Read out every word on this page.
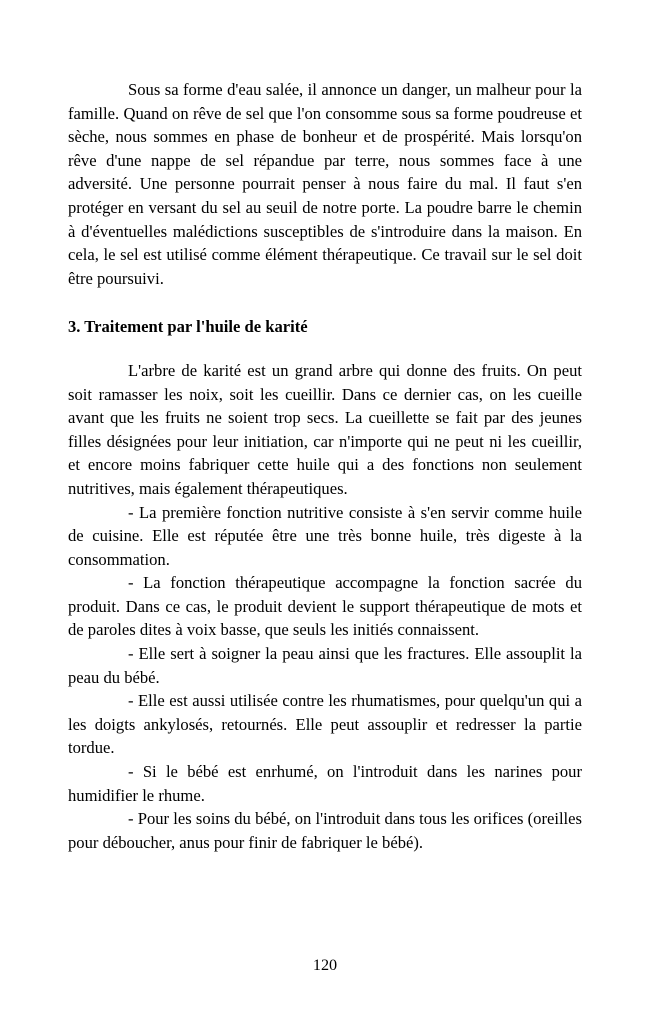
Sous sa forme d'eau salée, il annonce un danger, un malheur pour la famille. Quand on rêve de sel que l'on consomme sous sa forme poudreuse et sèche, nous sommes en phase de bonheur et de prospérité. Mais lorsqu'on rêve d'une nappe de sel répandue par terre, nous sommes face à une adversité. Une personne pourrait penser à nous faire du mal. Il faut s'en protéger en versant du sel au seuil de notre porte. La poudre barre le chemin à d'éventuelles malédictions susceptibles de s'introduire dans la maison. En cela, le sel est utilisé comme élément thérapeutique. Ce travail sur le sel doit être poursuivi.

3. Traitement par l'huile de karité

L'arbre de karité est un grand arbre qui donne des fruits. On peut soit ramasser les noix, soit les cueillir. Dans ce dernier cas, on les cueille avant que les fruits ne soient trop secs. La cueillette se fait par des jeunes filles désignées pour leur initiation, car n'importe qui ne peut ni les cueillir, et encore moins fabriquer cette huile qui a des fonctions non seulement nutritives, mais également thérapeutiques.

- La première fonction nutritive consiste à s'en servir comme huile de cuisine. Elle est réputée être une très bonne huile, très digeste à la consommation.

- La fonction thérapeutique accompagne la fonction sacrée du produit. Dans ce cas, le produit devient le support thérapeutique de mots et de paroles dites à voix basse, que seuls les initiés connaissent.

- Elle sert à soigner la peau ainsi que les fractures. Elle assouplit la peau du bébé.

- Elle est aussi utilisée contre les rhumatismes, pour quelqu'un qui a les doigts ankylosés, retournés. Elle peut assouplir et redresser la partie tordue.

- Si le bébé est enrhumé, on l'introduit dans les narines pour humidifier le rhume.

- Pour les soins du bébé, on l'introduit dans tous les orifices (oreilles pour déboucher, anus pour finir de fabriquer le bébé).

120
